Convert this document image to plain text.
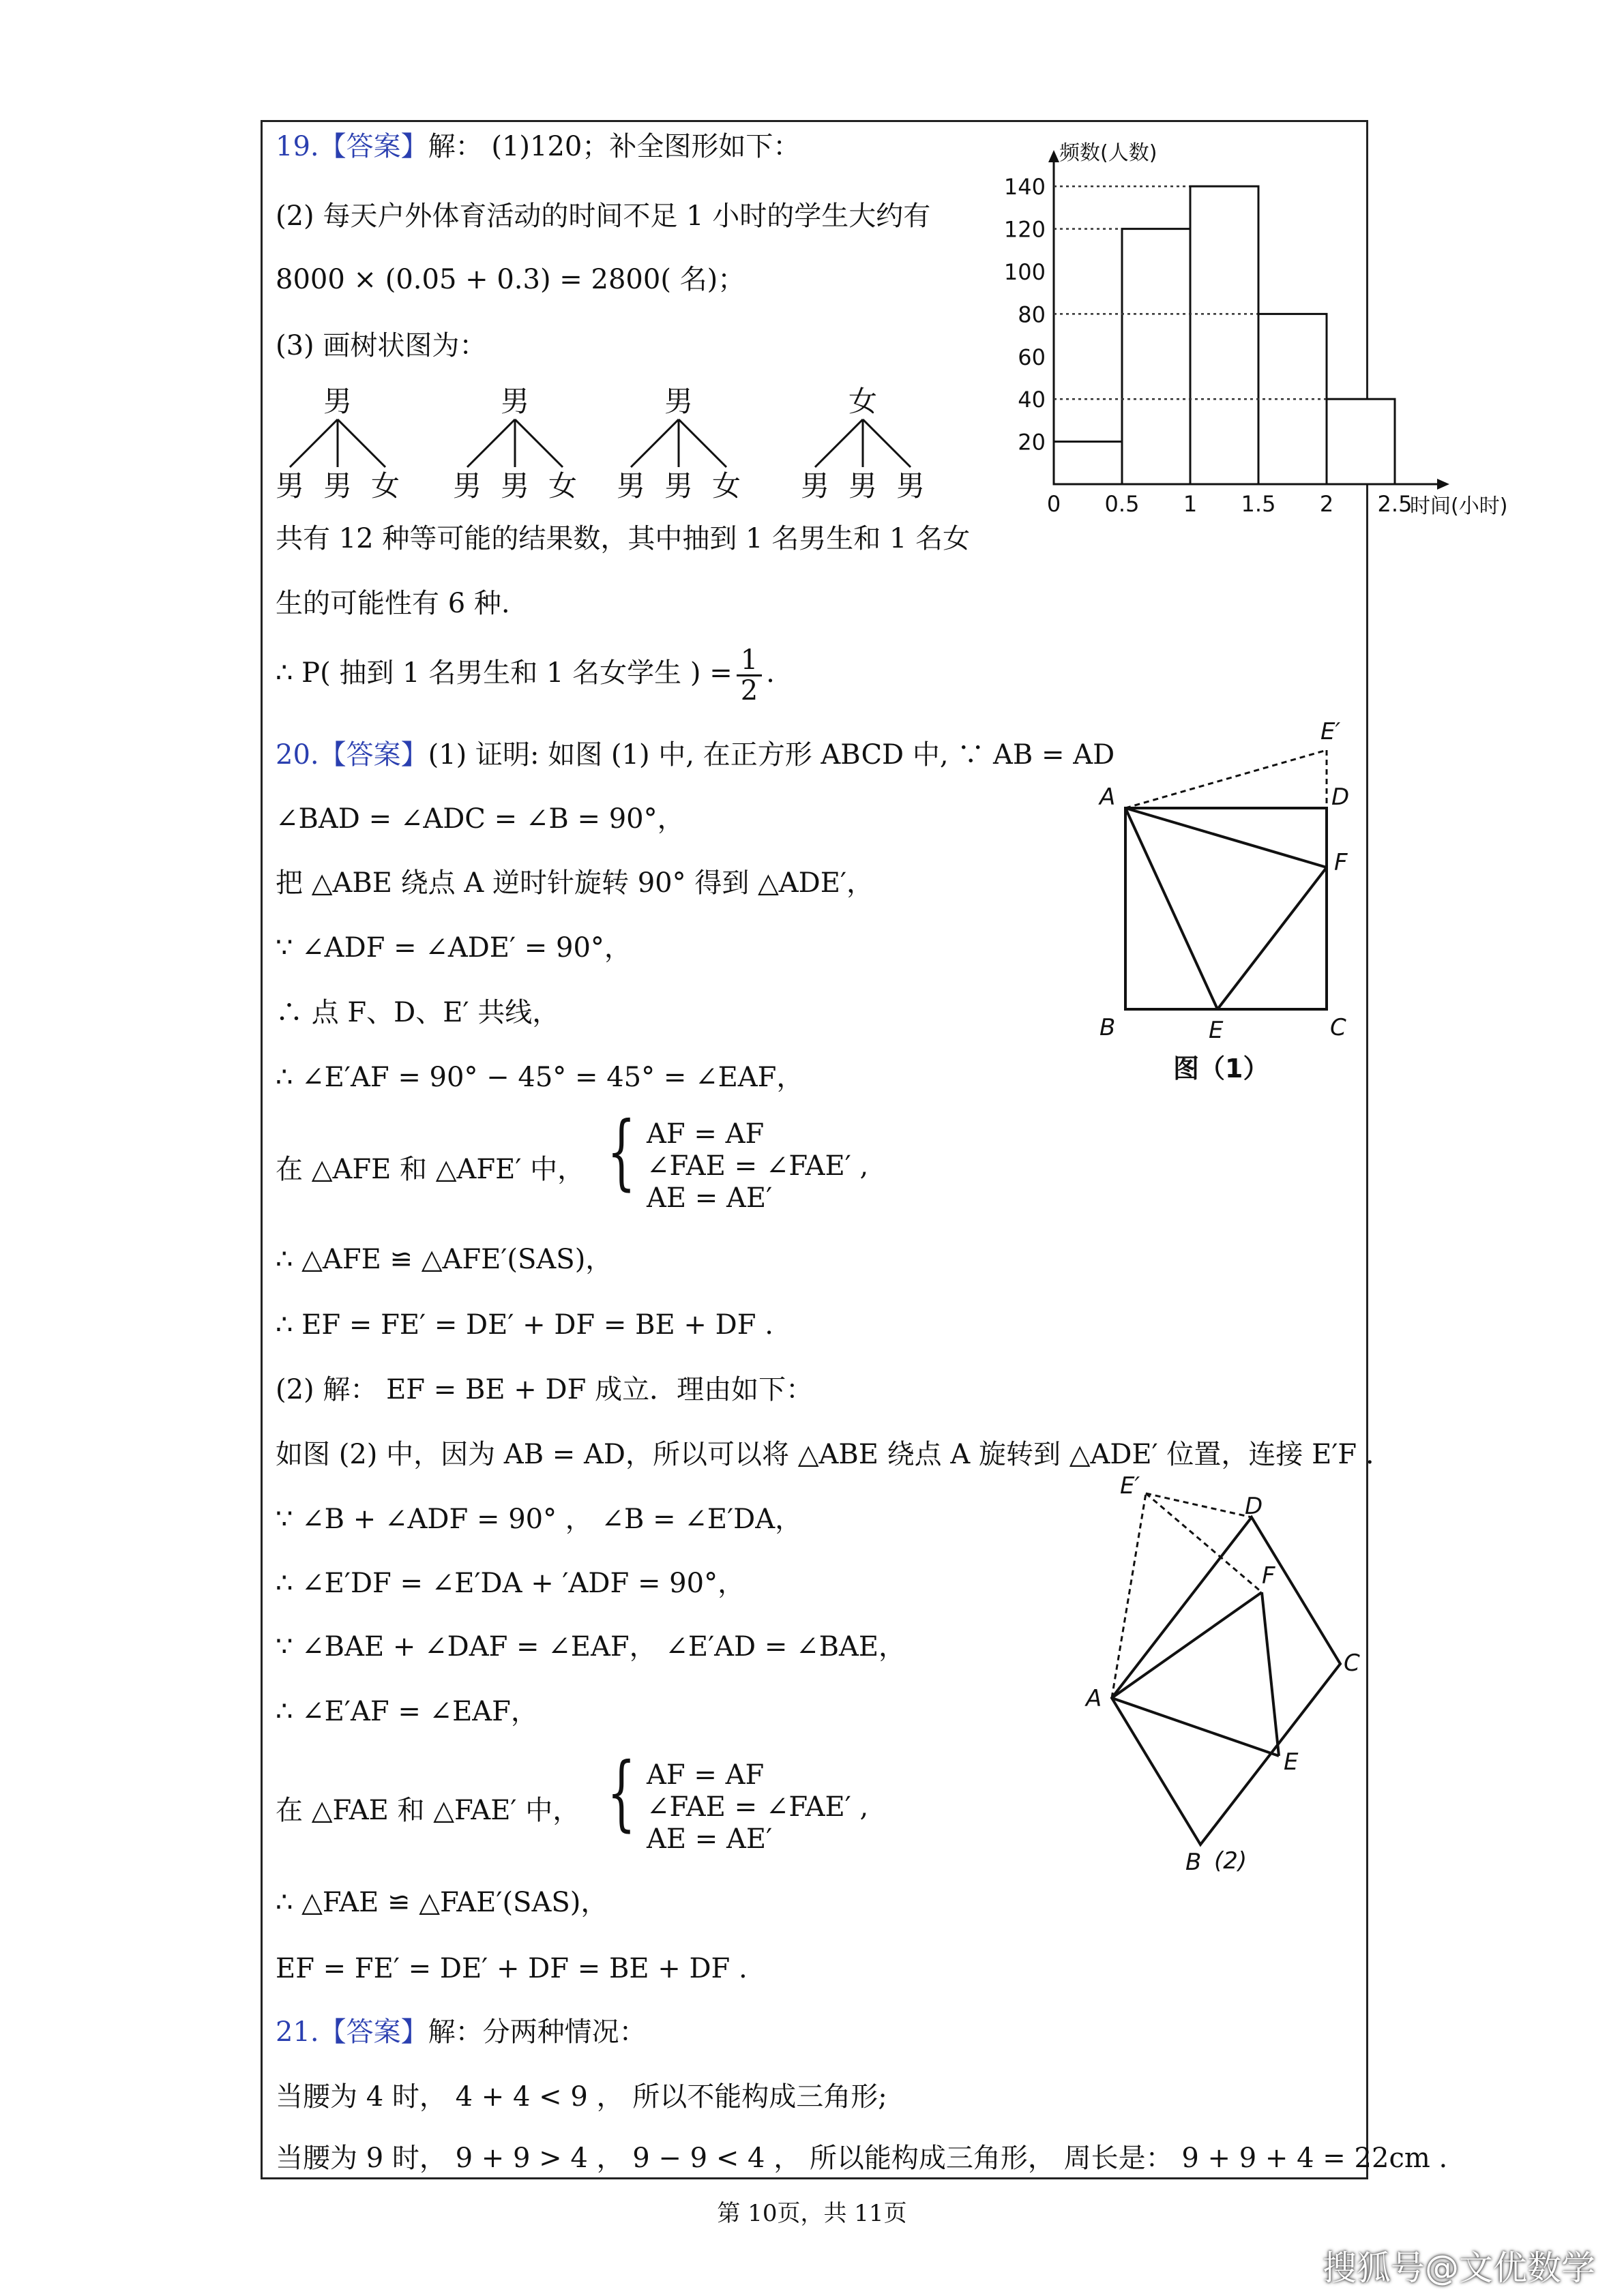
19.【答案】解： (1)120；补全图形如下：
(2) 每天户外体育活动的时间不足 1 小时的学生大约有
8000 × (0.05 + 0.3) = 2800( 名)；
(3) 画树状图为：
男
男 男 女
男
男 男 女
男
男 男 女
女
男 男 男
共有 12 种等可能的结果数，其中抽到 1 名男生和 1 名女
生的可能性有 6 种.
∴ P( 抽到 1 名男生和 1 名女学生 ) = $\frac{1}{2}$ .
20
40
60
80
100
120
140
0 0.5 1 1.5 2 2.5
频数(人数)
时间(小时)
20.【答案】(1) 证明: 如图 (1) 中, 在正方形 ABCD 中, ∵ AB = AD
∠BAD = ∠ADC = ∠B = 90°，
把 △ABE 绕点 A 逆时针旋转 90° 得到 △ADE′，
∵ ∠ADF = ∠ADE′ = 90°，
∴ 点 F、D、E′ 共线，
∴ ∠E′AF = 90° − 45° = 45° = ∠EAF，
在 △AFE 和 △AFE′ 中， { AF = AF
∠FAE = ∠FAE′ ,
AE = AE′
∴ △AFE ≌ △AFE′(SAS)，
∴ EF = FE′ = DE′ + DF = BE + DF .
(2) 解： EF = BE + DF 成立．理由如下：
如图 (2) 中，因为 AB = AD，所以可以将 △ABE 绕点 A 旋转到 △ADE′ 位置，连接 E′F .
∵ ∠B + ∠ADF = 90° ， ∠B = ∠E′DA，
∴ ∠E′DF = ∠E′DA + ′ADF = 90°，
∵ ∠BAE + ∠DAF = ∠EAF， ∠E′AD = ∠BAE，
∴ ∠E′AF = ∠EAF，
在 △FAE 和 △FAE′ 中， { AF = AF
∠FAE = ∠FAE′ ,
AE = AE′
∴ △FAE ≌ △FAE′(SAS)，
EF = FE′ = DE′ + DF = BE + DF .
A
B	C
D
E
F
E′
图（1）
A
B
C
D
E
F
E′
(2)
21.【答案】解：分两种情况：
当腰为 4 时， 4 + 4 < 9 ， 所以不能构成三角形;
当腰为 9 时， 9 + 9 > 4 ， 9 − 9 < 4 ， 所以能构成三角形， 周长是： 9 + 9 + 4 = 22cm .
第 10页，共 11页
搜狐号@文优数学
